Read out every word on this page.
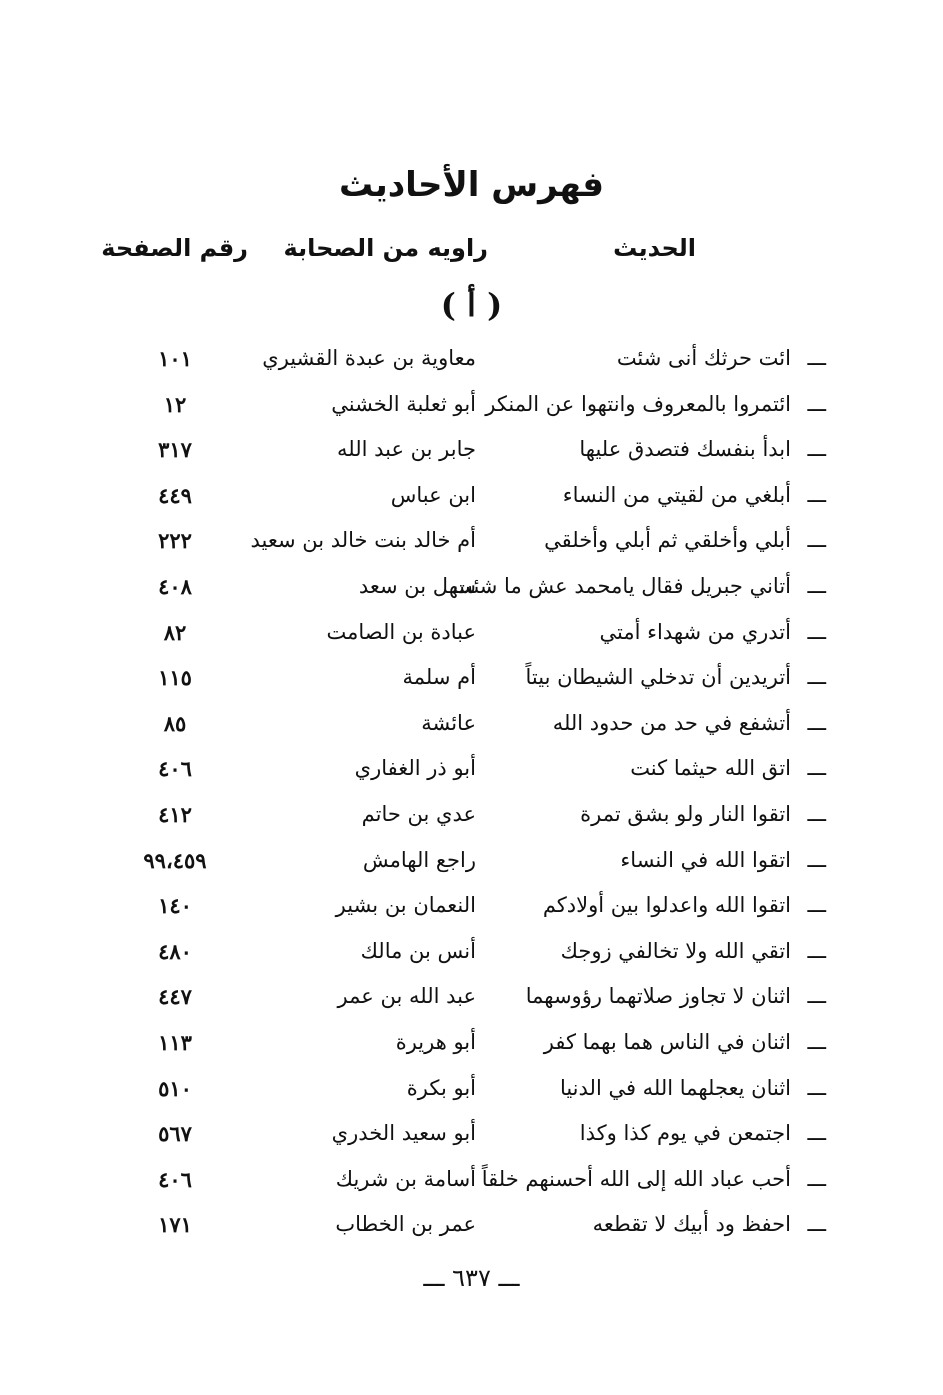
فهرس الأحاديث
الحديث
راويه من الصحابة
رقم الصفحة
( أ )
ـــ
ائت حرثك أنى شئت
معاوية بن عبدة القشيري
١٠١
ـــ
ائتمروا بالمعروف وانتهوا عن المنكر
أبو ثعلبة الخشني
١٢
ـــ
ابدأ بنفسك فتصدق عليها
جابر بن عبد الله
٣١٧
ـــ
أبلغي من لقيتي من النساء
ابن عباس
٤٤٩
ـــ
أبلي وأخلقي ثم أبلي وأخلقي
أم خالد بنت خالد بن سعيد
٢٢٢
ـــ
أتاني جبريل فقال يامحمد عش ما شئت
سهل بن سعد
٤٠٨
ـــ
أتدري من شهداء أمتي
عبادة بن الصامت
٨٢
ـــ
أتريدين أن تدخلي الشيطان بيتاً
أم سلمة
١١٥
ـــ
أتشفع في حد من حدود الله
عائشة
٨٥
ـــ
اتق الله حيثما كنت
أبو ذر الغفاري
٤٠٦
ـــ
اتقوا النار ولو بشق تمرة
عدي بن حاتم
٤١٢
ـــ
اتقوا الله في النساء
راجع الهامش
٩٩،٤٥٩
ـــ
اتقوا الله واعدلوا بين أولادكم
النعمان بن بشير
١٤٠
ـــ
اتقي الله ولا تخالفي زوجك
أنس بن مالك
٤٨٠
ـــ
اثنان لا تجاوز صلاتهما رؤوسهما
عبد الله بن عمر
٤٤٧
ـــ
اثنان في الناس هما بهما كفر
أبو هريرة
١١٣
ـــ
اثنان يعجلهما الله في الدنيا
أبو بكرة
٥١٠
ـــ
اجتمعن في يوم كذا وكذا
أبو سعيد الخدري
٥٦٧
ـــ
أحب عباد الله إلى الله أحسنهم خلقاً
أسامة بن شريك
٤٠٦
ـــ
احفظ ود أبيك لا تقطعه
عمر بن الخطاب
١٧١
ـــ ٦٣٧ ـــ
